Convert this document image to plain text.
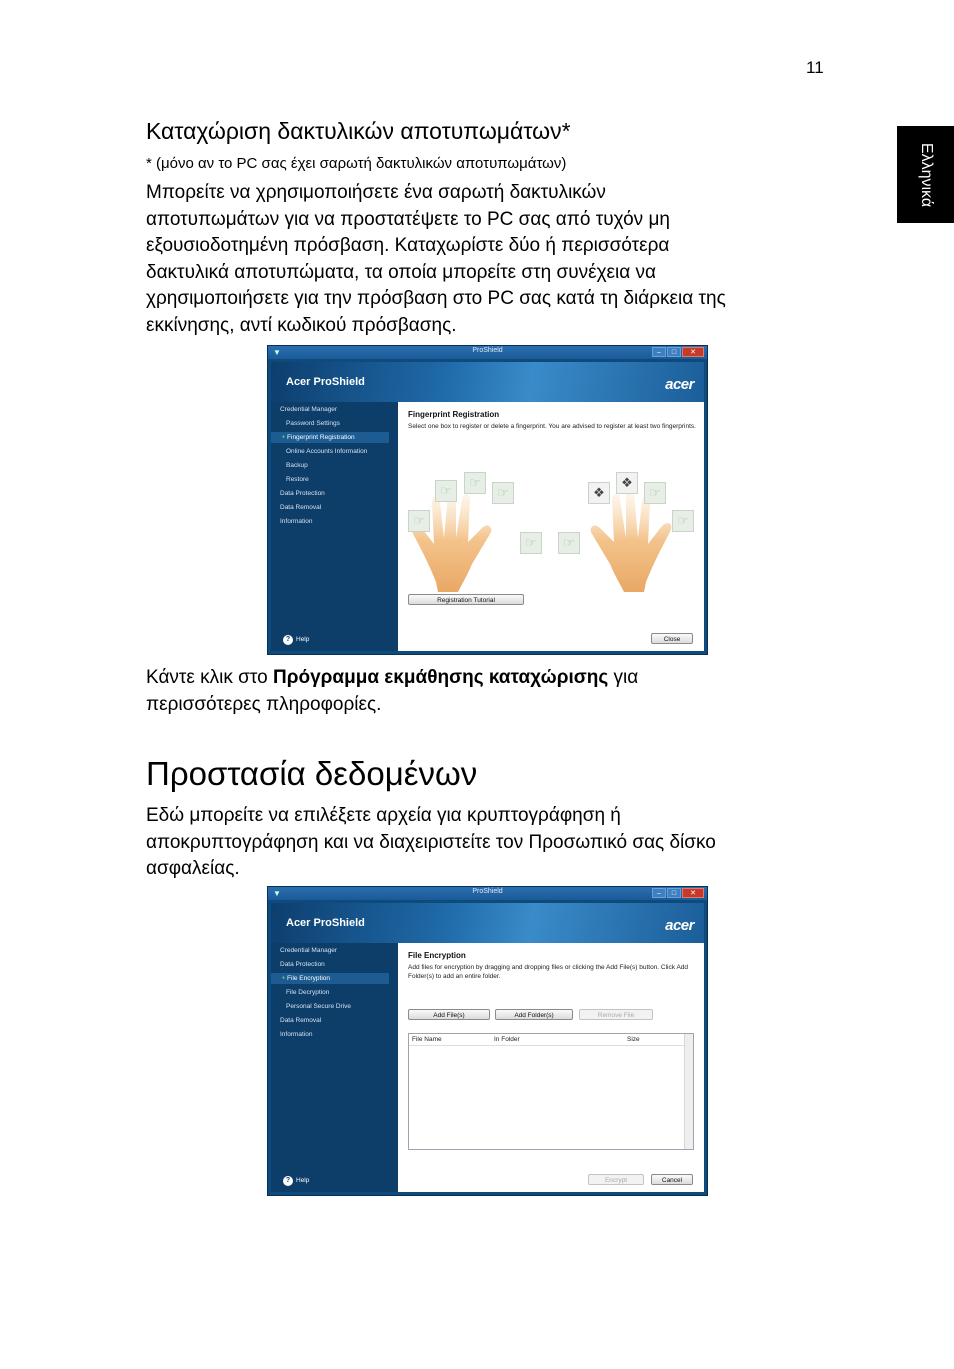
11
Ελληνικά
Καταχώριση δακτυλικών αποτυπωμάτων*
* (μόνο αν το PC σας έχει σαρωτή δακτυλικών αποτυπωμάτων)
Μπορείτε να χρησιμοποιήσετε ένα σαρωτή δακτυλικών
αποτυπωμάτων για να προστατέψετε το PC σας από τυχόν μη
εξουσιοδοτημένη πρόσβαση. Καταχωρίστε δύο ή περισσότερα
δακτυλικά αποτυπώματα, τα οποία μπορείτε στη συνέχεια να
χρησιμοποιήσετε για την πρόσβαση στο PC σας κατά τη διάρκεια της
εκκίνησης, αντί κωδικού πρόσβασης.
▼	ProShield	–	□	✕
Acer ProShield	acer
Credential Manager
Password Settings
● Fingerprint Registration
Online Accounts Information
Backup
Restore
Data Protection
Data Removal
Information
? Help
Fingerprint Registration
Select one box to register or delete a fingerprint. You are advised to register at least two fingerprints.
☞
☞
☞
☞
☞	☞
❖
❖
☞
☞
Registration Tutorial
Close
Κάντε κλικ στο Πρόγραμμα εκμάθησης καταχώρισης για
περισσότερες πληροφορίες.
Προστασία δεδομένων
Εδώ μπορείτε να επιλέξετε αρχεία για κρυπτογράφηση ή
αποκρυπτογράφηση και να διαχειριστείτε τον Προσωπικό σας δίσκο
ασφαλείας.
▼	ProShield	–	□	✕
Acer ProShield	acer
Credential Manager
Data Protection
● File Encryption
File Decryption
Personal Secure Drive
Data Removal
Information
? Help
File Encryption
Add files for encryption by dragging and dropping files or clicking the Add File(s) button. Click Add Folder(s) to add an entire folder.
Add File(s)	Add Folder(s)	Remove File
File Name	In Folder	Size
Encrypt	Cancel
